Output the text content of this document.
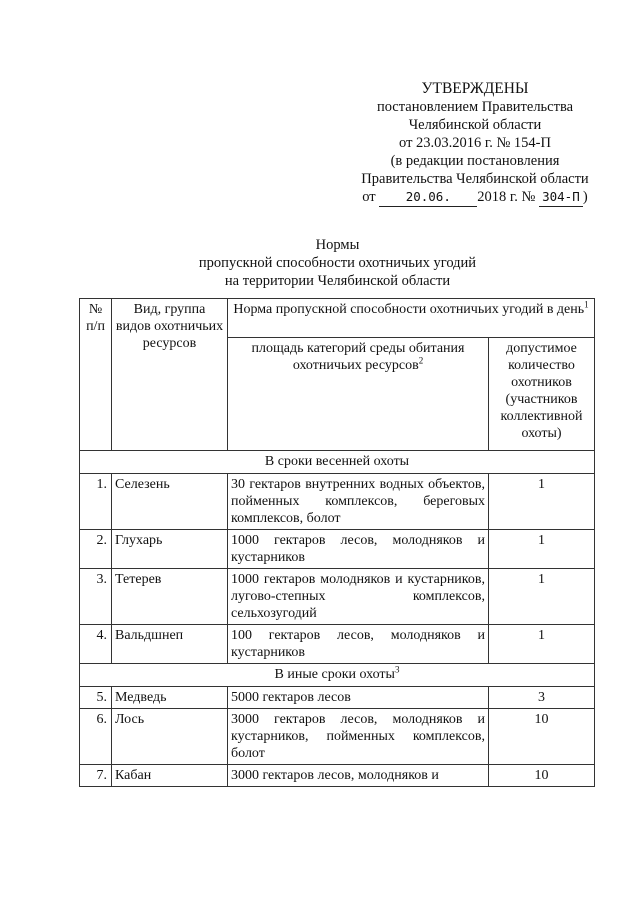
УТВЕРЖДЕНЫ
постановлением Правительства
Челябинской области
от 23.03.2016 г. № 154-П
(в редакции постановления
Правительства Челябинской области
от 20.06. 2018 г. № 304-П )
Нормы
пропускной способности охотничьих угодий
на территории Челябинской области
№ п/п	Вид, группа видов охотничьих ресурсов	Норма пропускной способности охотничьих угодий в день$^1$
		площадь категорий среды обитания охотничьих ресурсов$^2$	допустимое количество охотников (участников коллективной охоты)
В сроки весенней охоты			
1.	Селезень	30 гектаров внутренних водных объектов, пойменных комплексов, береговых комплексов, болот	1
2.	Глухарь	1000 гектаров лесов, молодняков и кустарников	1
3.	Тетерев	1000 гектаров молодняков и кустарников, лугово-степных комплексов, сельхозугодий	1
4.	Вальдшнеп	100 гектаров лесов, молодняков и кустарников	1
В иные сроки охоты$^3$
5.	Медведь	5000 гектаров лесов	3
6.	Лось	3000 гектаров лесов, молодняков и кустарников, пойменных комплексов, болот	10
7.	Кабан	3000 гектаров лесов, молодняков и	10
